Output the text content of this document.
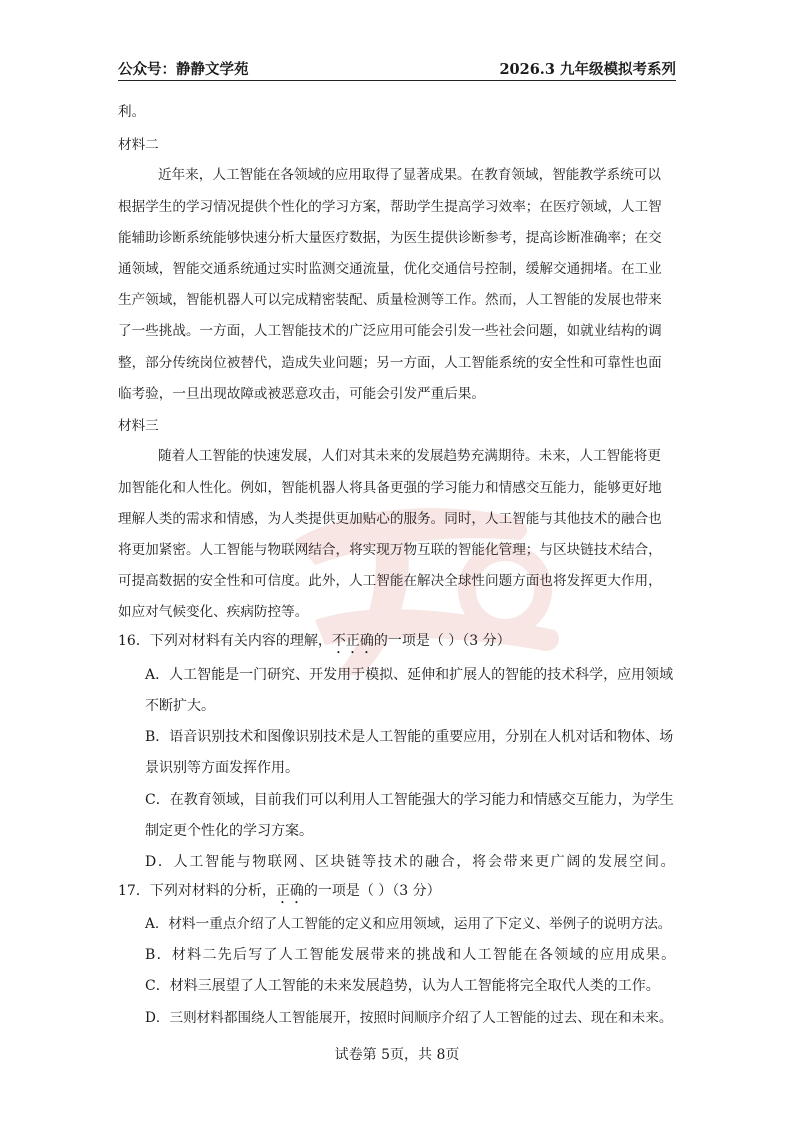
公众号：静静文学苑	2026.3 九年级模拟考系列
利。
材料二
近年来，人工智能在各领域的应用取得了显著成果。在教育领域，智能教学系统可以
根据学生的学习情况提供个性化的学习方案，帮助学生提高学习效率；在医疗领域，人工智
能辅助诊断系统能够快速分析大量医疗数据，为医生提供诊断参考，提高诊断准确率；在交
通领域，智能交通系统通过实时监测交通流量，优化交通信号控制，缓解交通拥堵。在工业
生产领域，智能机器人可以完成精密装配、质量检测等工作。然而，人工智能的发展也带来
了一些挑战。一方面，人工智能技术的广泛应用可能会引发一些社会问题，如就业结构的调
整，部分传统岗位被替代，造成失业问题；另一方面，人工智能系统的安全性和可靠性也面
临考验，一旦出现故障或被恶意攻击，可能会引发严重后果。
材料三
随着人工智能的快速发展，人们对其未来的发展趋势充满期待。未来，人工智能将更
加智能化和人性化。例如，智能机器人将具备更强的学习能力和情感交互能力，能够更好地
理解人类的需求和情感，为人类提供更加贴心的服务。同时，人工智能与其他技术的融合也
将更加紧密。人工智能与物联网结合，将实现万物互联的智能化管理；与区块链技术结合，
可提高数据的安全性和可信度。此外，人工智能在解决全球性问题方面也将发挥更大作用，
如应对气候变化、疾病防控等。
16．下列对材料有关内容的理解，不正确的一项是（ ）（3 分）
A．人工智能是一门研究、开发用于模拟、延伸和扩展人的智能的技术科学，应用领域
不断扩大。
B．语音识别技术和图像识别技术是人工智能的重要应用，分别在人机对话和物体、场
景识别等方面发挥作用。
C．在教育领域，目前我们可以利用人工智能强大的学习能力和情感交互能力，为学生
制定更个性化的学习方案。
D．人工智能与物联网、区块链等技术的融合，将会带来更广阔的发展空间。
17．下列对材料的分析，正确的一项是（ ）（3 分）
A．材料一重点介绍了人工智能的定义和应用领域，运用了下定义、举例子的说明方法。
B．材料二先后写了人工智能发展带来的挑战和人工智能在各领域的应用成果。
C．材料三展望了人工智能的未来发展趋势，认为人工智能将完全取代人类的工作。
D．三则材料都围绕人工智能展开，按照时间顺序介绍了人工智能的过去、现在和未来。
试卷第 5页，共 8页
